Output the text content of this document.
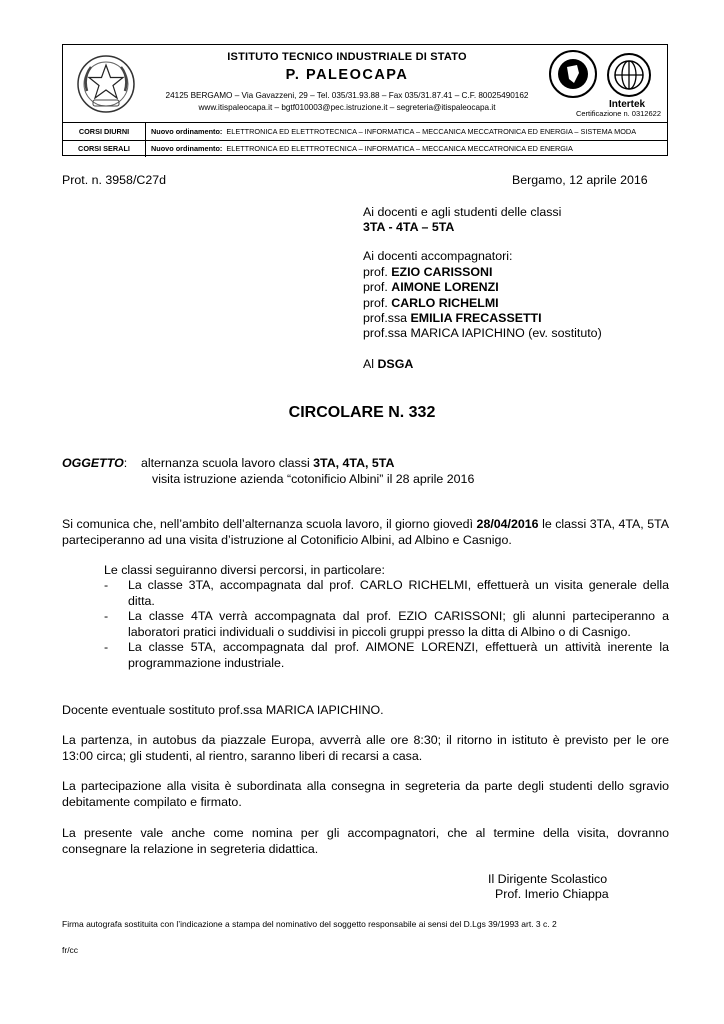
ISTITUTO TECNICO INDUSTRIALE DI STATO
P. PALEOCAPA
24125 BERGAMO – Via Gavazzeni, 29 – Tel. 035/31.93.88 – Fax 035/31.87.41 – C.F. 80025490162
www.itispaleocapa.it – bgtf010003@pec.istruzione.it – segreteria@itispaleocapa.it	Intertek
Certificazione n. 0312622
CORSI DIURNI	Nuovo ordinamento: ELETTRONICA ED ELETTROTECNICA – INFORMATICA – MECCANICA MECCATRONICA ED ENERGIA – SISTEMA MODA
CORSI SERALI	Nuovo ordinamento: ELETTRONICA ED ELETTROTECNICA – INFORMATICA – MECCANICA MECCATRONICA ED ENERGIA
Prot. n. 3958/C27d	Bergamo, 12 aprile 2016
Ai docenti e agli studenti delle classi
3TA - 4TA – 5TA
Ai docenti accompagnatori:
prof. EZIO CARISSONI
prof. AIMONE LORENZI
prof. CARLO RICHELMI
prof.ssa EMILIA FRECASSETTI
prof.ssa MARICA IAPICHINO (ev. sostituto)
Al DSGA
CIRCOLARE N. 332
OGGETTO:    alternanza scuola lavoro classi 3TA, 4TA, 5TA
visita istruzione azienda “cotonificio Albini” il 28 aprile 2016
Si comunica che, nell’ambito dell’alternanza scuola lavoro, il giorno giovedì 28/04/2016 le classi 3TA, 4TA, 5TA parteciperanno ad una visita d’istruzione al Cotonificio Albini, ad Albino e Casnigo.
Le classi seguiranno diversi percorsi, in particolare:
- La classe 3TA, accompagnata dal prof. CARLO RICHELMI, effettuerà un visita generale della ditta.
- La classe 4TA verrà accompagnata dal prof. EZIO CARISSONI; gli alunni parteciperanno a laboratori pratici individuali o suddivisi in piccoli gruppi presso la ditta di Albino o di Casnigo.
- La classe 5TA, accompagnata dal prof. AIMONE LORENZI, effettuerà un attività inerente la programmazione industriale.
Docente eventuale sostituto prof.ssa MARICA IAPICHINO.
La partenza, in autobus da piazzale Europa, avverrà alle ore 8:30; il ritorno in istituto è previsto per le ore 13:00 circa; gli studenti, al rientro, saranno liberi di recarsi a casa.
La partecipazione alla visita è subordinata alla consegna in segreteria da parte degli studenti dello sgravio debitamente compilato e firmato.
La presente vale anche come nomina per gli accompagnatori, che al termine della visita, dovranno consegnare la relazione in segreteria didattica.
Il Dirigente Scolastico
Prof. Imerio Chiappa
Firma autografa sostituita con l’indicazione a stampa del nominativo del soggetto responsabile ai sensi del D.Lgs 39/1993 art. 3 c. 2
fr/cc
